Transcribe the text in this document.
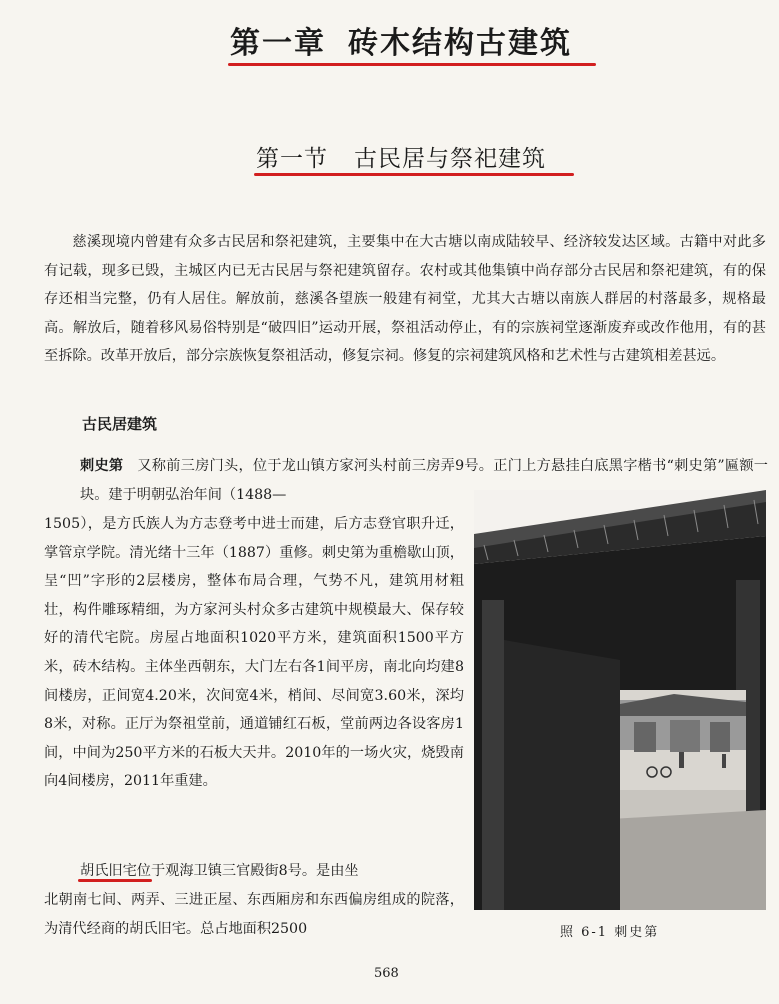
第一章 砖木结构古建筑
第一节 古民居与祭祀建筑

慈溪现境内曾建有众多古民居和祭祀建筑，主要集中在大古塘以南成陆较早、经济较发达区域。古籍中对此多有记载，现多已毁，主城区内已无古民居与祭祀建筑留存。农村或其他集镇中尚存部分古民居和祭祀建筑，有的保存还相当完整，仍有人居住。解放前，慈溪各望族一般建有祠堂，尤其大古塘以南族人群居的村落最多，规格最高。解放后，随着移风易俗特别是“破四旧”运动开展，祭祖活动停止，有的宗族祠堂逐渐废弃或改作他用，有的甚至拆除。改革开放后，部分宗族恢复祭祖活动，修复宗祠。修复的宗祠建筑风格和艺术性与古建筑相差甚远。

古民居建筑

刺史第 又称前三房门头，位于龙山镇方家河头村前三房弄9号。正门上方悬挂白底黑字楷书“刺史第”匾额一块。建于明朝弘治年间（1488—

1505），是方氏族人为方志登考中进士而建，后方志登官职升迁，掌管京学院。清光绪十三年（1887）重修。刺史第为重檐歇山顶，呈“凹”字形的2层楼房，整体布局合理，气势不凡，建筑用材粗壮，构件雕琢精细，为方家河头村众多古建筑中规模最大、保存较好的清代宅院。房屋占地面积1020平方米，建筑面积1500平方米，砖木结构。主体坐西朝东，大门左右各1间平房，南北向均建8间楼房，正间宽4.20米，次间宽4米，梢间、尽间宽3.60米，深均8米，对称。正厅为祭祖堂前，通道铺红石板，堂前两边各设客房1间，中间为250平方米的石板大天井。2010年的一场火灾，烧毁南向4间楼房，2011年重建。

胡氏旧宅位于观海卫镇三官殿街8号。是由坐

北朝南七间、两弄、三进正屋、东西厢房和东西偏房组成的院落，为清代经商的胡氏旧宅。总占地面积2500	照 6-1 刺史第
568
